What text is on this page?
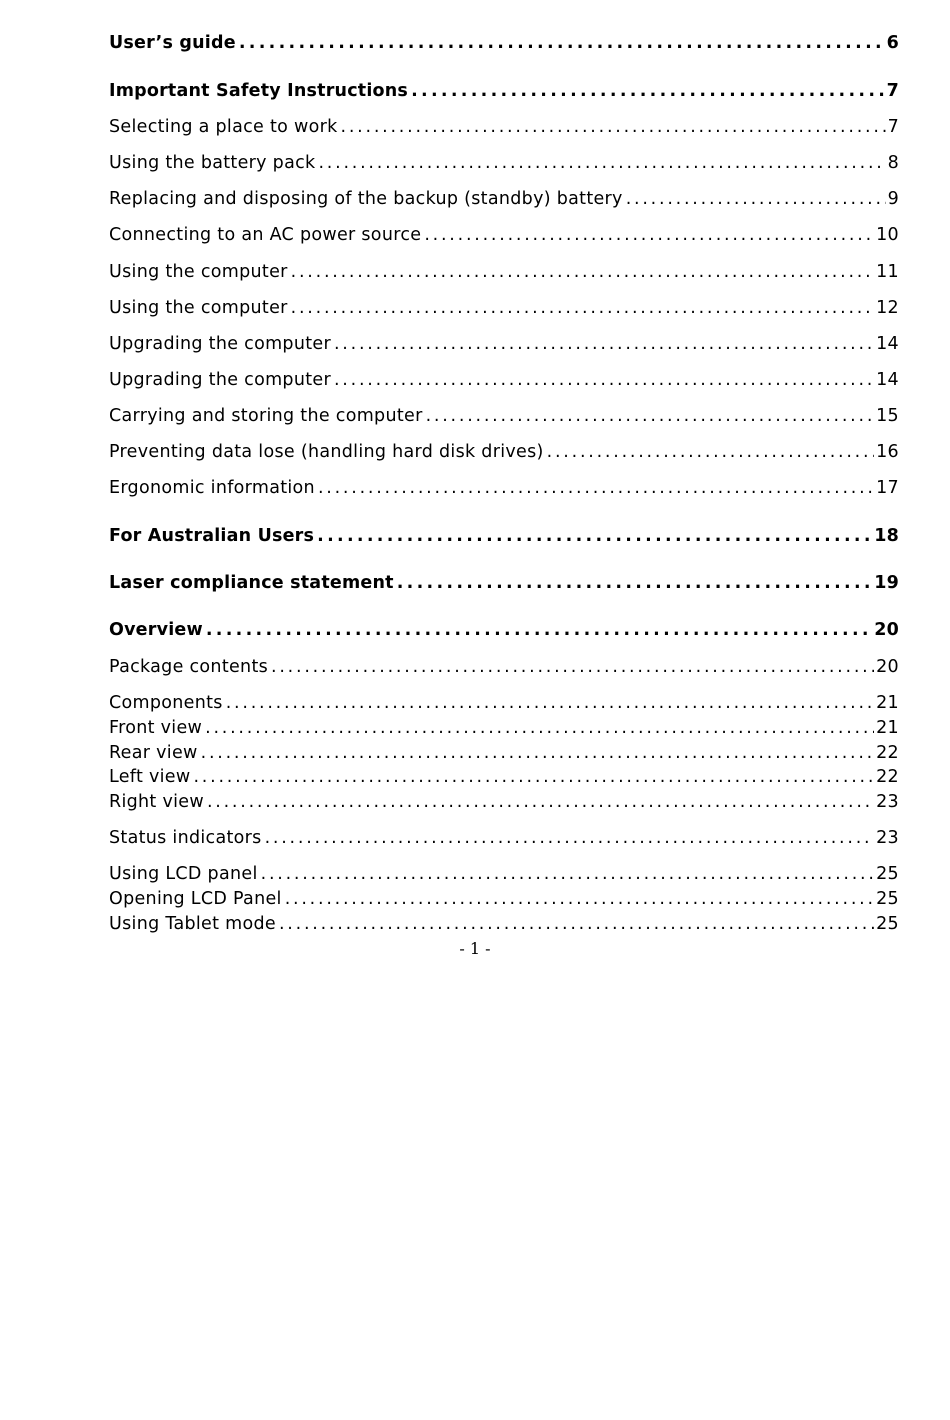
User’s guide . . .	6
Important Safety Instructions . . .	7
Selecting a place to work . . .	7
Using the battery pack . . .	8
Replacing and disposing of the backup (standby) battery . . .	9
Connecting to an AC power source . . .	10
Using the computer . . .	11
Using the computer . . .	12
Upgrading the computer . . .	14
Upgrading the computer . . .	14
Carrying and storing the computer . . .	15
Preventing data lose (handling hard disk drives) . . .	16
Ergonomic information . . .	17
For Australian Users . . .	18
Laser compliance statement . . .	19
Overview . . .	20
Package contents . . .	20
Components . . .	21
Front view . . .	21
Rear view . . .	22
Left view . . .	22
Right view . . .	23
Status indicators . . .	23
Using LCD panel . . .	25
Opening LCD Panel . . .	25
Using Tablet mode . . .	25
- 1 -
